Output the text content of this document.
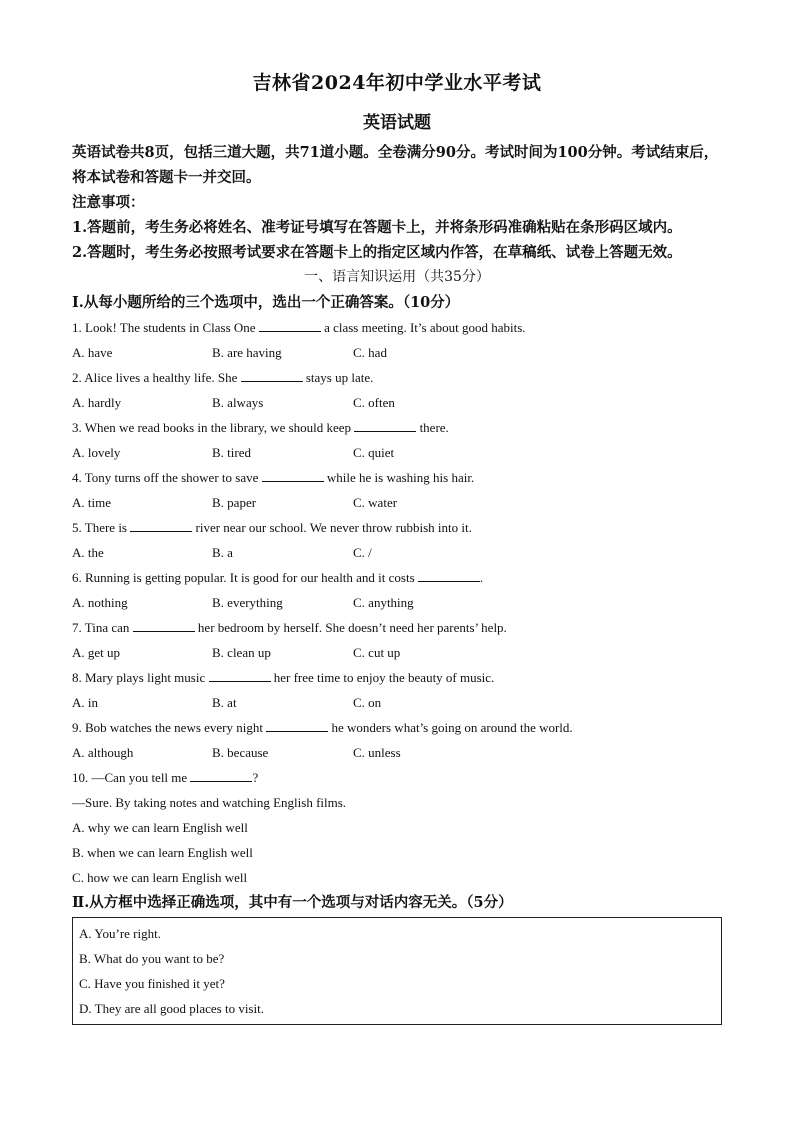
吉林省2024年初中学业水平考试
英语试题
英语试卷共8页，包括三道大题，共71道小题。全卷满分90分。考试时间为100分钟。考试结束后，将本试卷和答题卡一并交回。
注意事项：
1.答题前，考生务必将姓名、准考证号填写在答题卡上，并将条形码准确粘贴在条形码区域内。
2.答题时，考生务必按照考试要求在答题卡上的指定区域内作答，在草稿纸、试卷上答题无效。
一、语言知识运用（共35分）
Ⅰ.从每小题所给的三个选项中，选出一个正确答案。（10分）
1. Look! The students in Class One	a class meeting. It’s about good habits.
A. have	B. are having	C. had
2. Alice lives a healthy life. She	stays up late.
A. hardly	B. always	C. often
3. When we read books in the library, we should keep	there.
A. lovely	B. tired	C. quiet
4. Tony turns off the shower to save	while he is washing his hair.
A. time	B. paper	C. water
5. There is	river near our school. We never throw rubbish into it.
A. the	B. a	C. /
6. Running is getting popular. It is good for our health and it costs	.
A. nothing	B. everything	C. anything
7. Tina can	her bedroom by herself. She doesn’t need her parents’ help.
A. get up	B. clean up	C. cut up
8. Mary plays light music	her free time to enjoy the beauty of music.
A. in	B. at	C. on
9. Bob watches the news every night	he wonders what’s going on around the world.
A. although	B. because	C. unless
10. —Can you tell me	?
—Sure. By taking notes and watching English films.
A. why we can learn English well
B. when we can learn English well
C. how we can learn English well
Ⅱ.从方框中选择正确选项，其中有一个选项与对话内容无关。（5分）
A. You’re right.
B. What do you want to be?
C. Have you finished it yet?
D. They are all good places to visit.
